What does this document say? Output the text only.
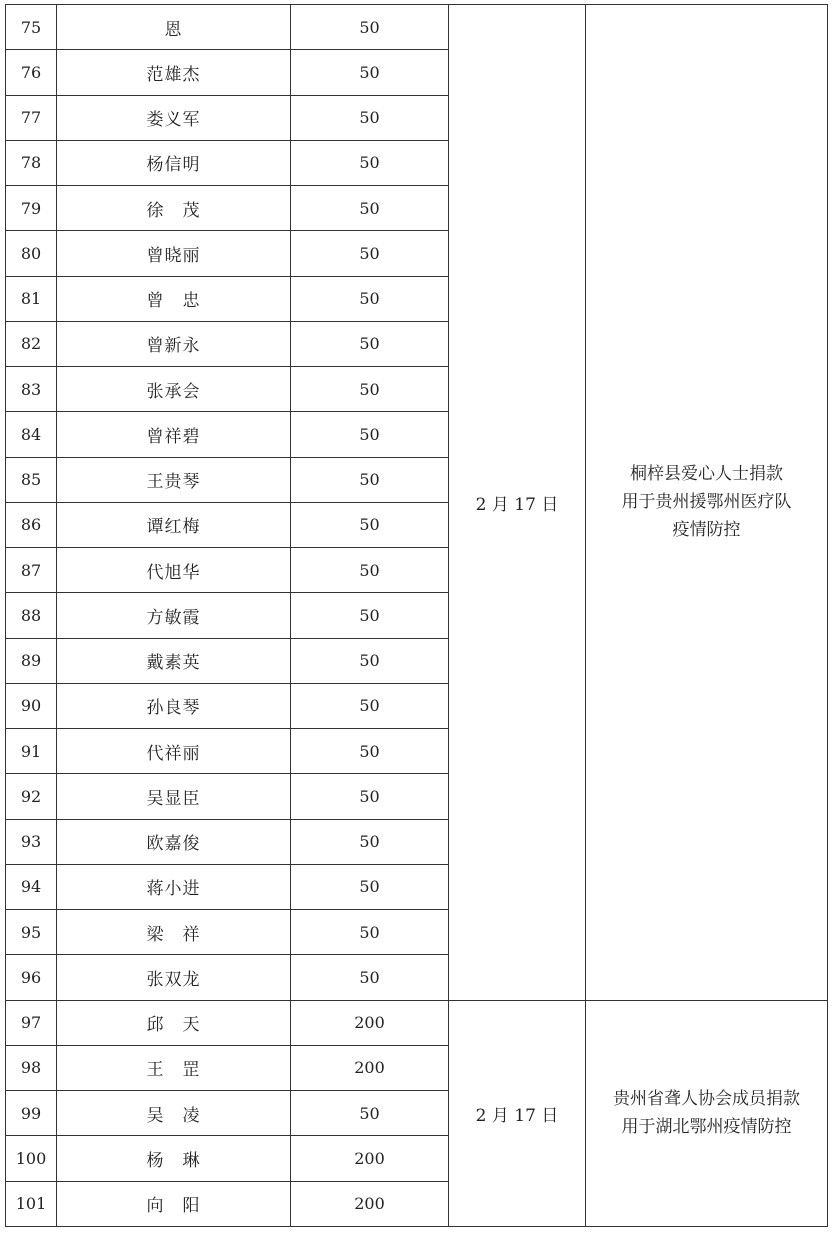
75	恩	50	2 月 17 日	桐梓县爱心人士捐款
用于贵州援鄂州医疗队
疫情防控

76	范雄杰	50		
77	娄义军	50		
78	杨信明	50		
79	徐　茂	50		
80	曾晓丽	50		
81	曾　忠	50		
82	曾新永	50		
83	张承会	50		
84	曾祥碧	50		
85	王贵琴	50		
86	谭红梅	50		
87	代旭华	50		
88	方敏霞	50		
89	戴素英	50		
90	孙良琴	50		
91	代祥丽	50		
92	吴显臣	50		
93	欧嘉俊	50		
94	蒋小进	50		
95	梁　祥	50		
96	张双龙	50		
97	邱　天	200	2 月 17 日	贵州省聋人协会成员捐款
用于湖北鄂州疫情防控

98	王　罡	200		
99	吴　凌	50		
100	杨　琳	200		
101	向　阳	200		
